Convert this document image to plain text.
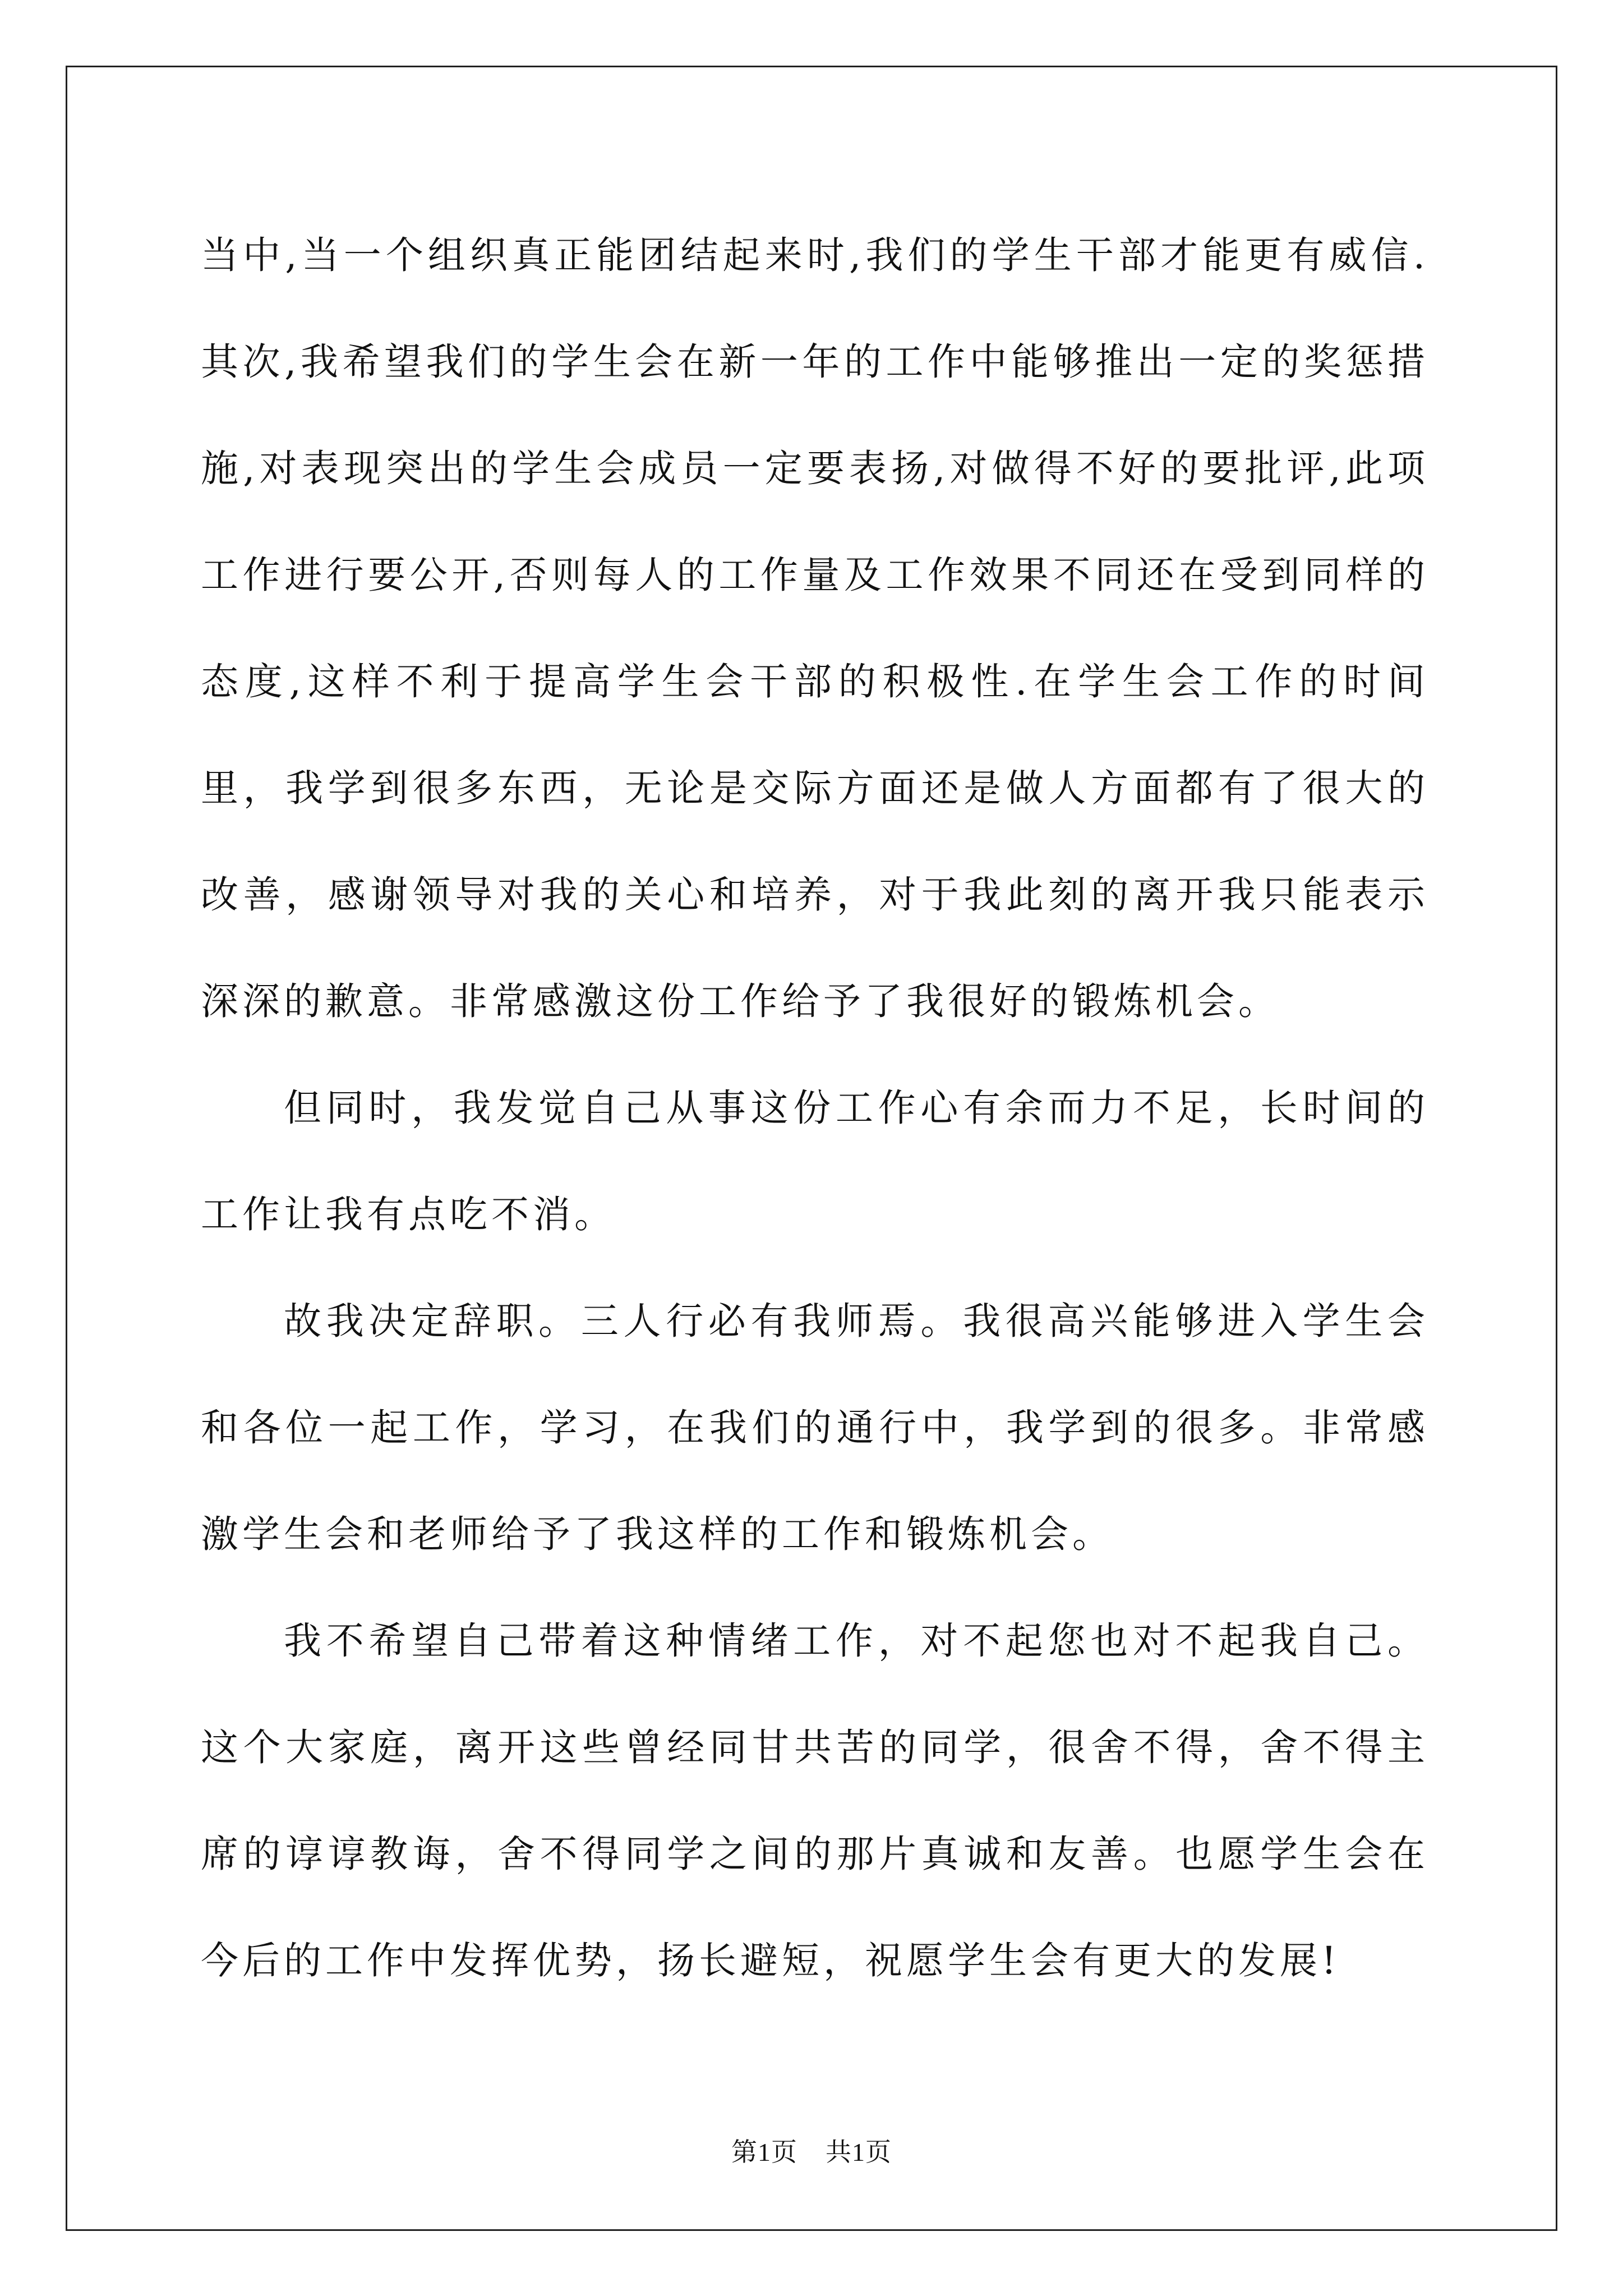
当中,当一个组织真正能团结起来时,我们的学生干部才能更有威信.其次,我希望我们的学生会在新一年的工作中能够推出一定的奖惩措施,对表现突出的学生会成员一定要表扬,对做得不好的要批评,此项工作进行要公开,否则每人的工作量及工作效果不同还在受到同样的态度,这样不利于提高学生会干部的积极性.在学生会工作的时间里，我学到很多东西，无论是交际方面还是做人方面都有了很大的改善，感谢领导对我的关心和培养，对于我此刻的离开我只能表示深深的歉意。非常感激这份工作给予了我很好的锻炼机会。

但同时，我发觉自己从事这份工作心有余而力不足，长时间的工作让我有点吃不消。

故我决定辞职。三人行必有我师焉。我很高兴能够进入学生会和各位一起工作，学习，在我们的通行中，我学到的很多。非常感激学生会和老师给予了我这样的工作和锻炼机会。

我不希望自己带着这种情绪工作，对不起您也对不起我自己。这个大家庭，离开这些曾经同甘共苦的同学，很舍不得，舍不得主席的谆谆教诲，舍不得同学之间的那片真诚和友善。也愿学生会在今后的工作中发挥优势，扬长避短，祝愿学生会有更大的发展!

第1页 共1页
